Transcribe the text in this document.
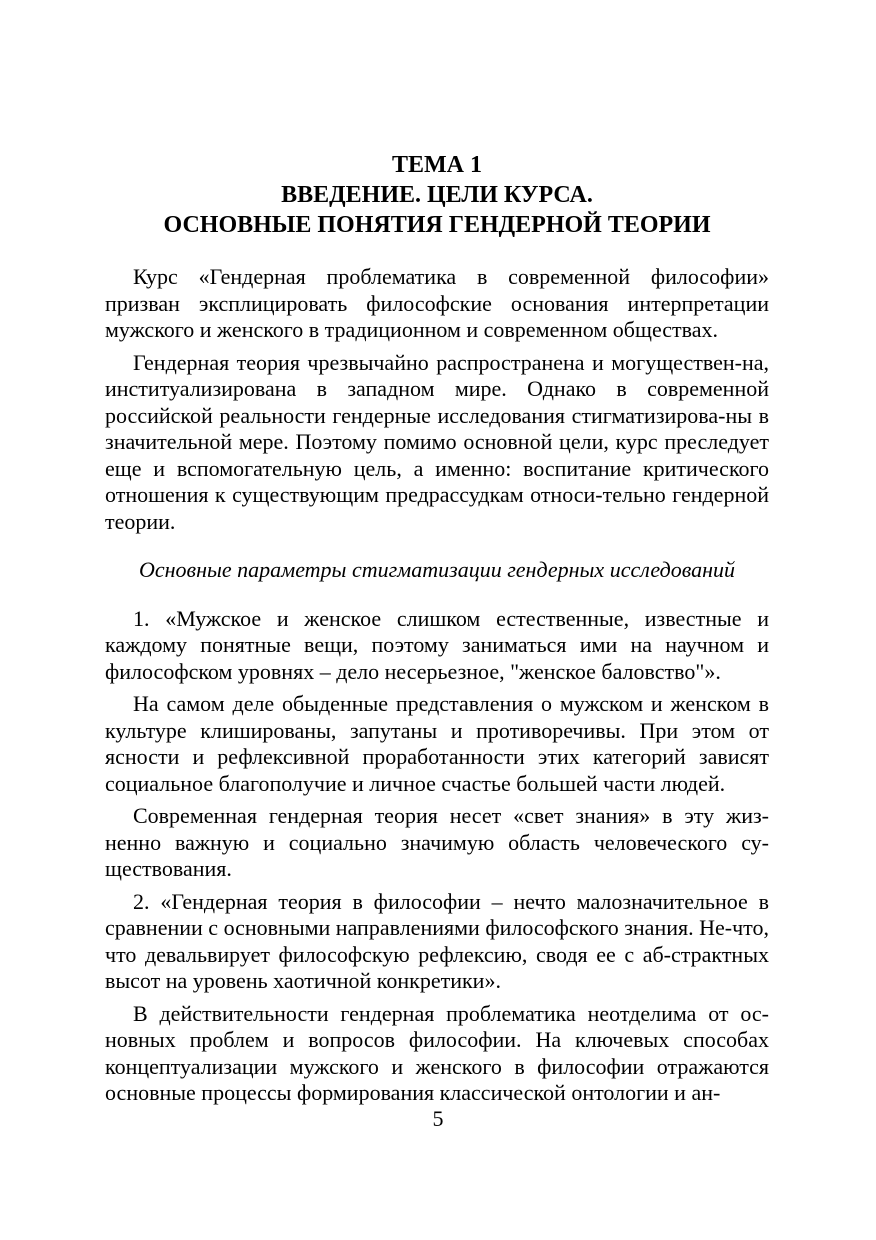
ТЕМА 1
ВВЕДЕНИЕ. ЦЕЛИ КУРСА.
ОСНОВНЫЕ ПОНЯТИЯ ГЕНДЕРНОЙ ТЕОРИИ

Курс «Гендерная проблематика в современной философии» призван эксплицировать философские основания интерпретации мужского и женского в традиционном и современном обществах.

Гендерная теория чрезвычайно распространена и могуществен-на, институализирована в западном мире. Однако в современной российской реальности гендерные исследования стигматизирова-ны в значительной мере. Поэтому помимо основной цели, курс преследует еще и вспомогательную цель, а именно: воспитание критического отношения к существующим предрассудкам относи-тельно гендерной теории.

Основные параметры стигматизации гендерных исследований

1. «Мужское и женское слишком естественные, известные и каждому понятные вещи, поэтому заниматься ими на научном и философском уровнях – дело несерьезное, "женское баловство"».

На самом деле обыденные представления о мужском и женском в культуре клишированы, запутаны и противоречивы. При этом от ясности и рефлексивной проработанности этих категорий зависят социальное благополучие и личное счастье большей части людей.

Современная гендерная теория несет «свет знания» в эту жиз-ненно важную и социально значимую область человеческого су-ществования.

2. «Гендерная теория в философии – нечто малозначительное в сравнении с основными направлениями философского знания. Не-что, что девальвирует философскую рефлексию, сводя ее с аб-страктных высот на уровень хаотичной конкретики».

В действительности гендерная проблематика неотделима от ос-новных проблем и вопросов философии. На ключевых способах концептуализации мужского и женского в философии отражаются основные процессы формирования классической онтологии и ан-

5
